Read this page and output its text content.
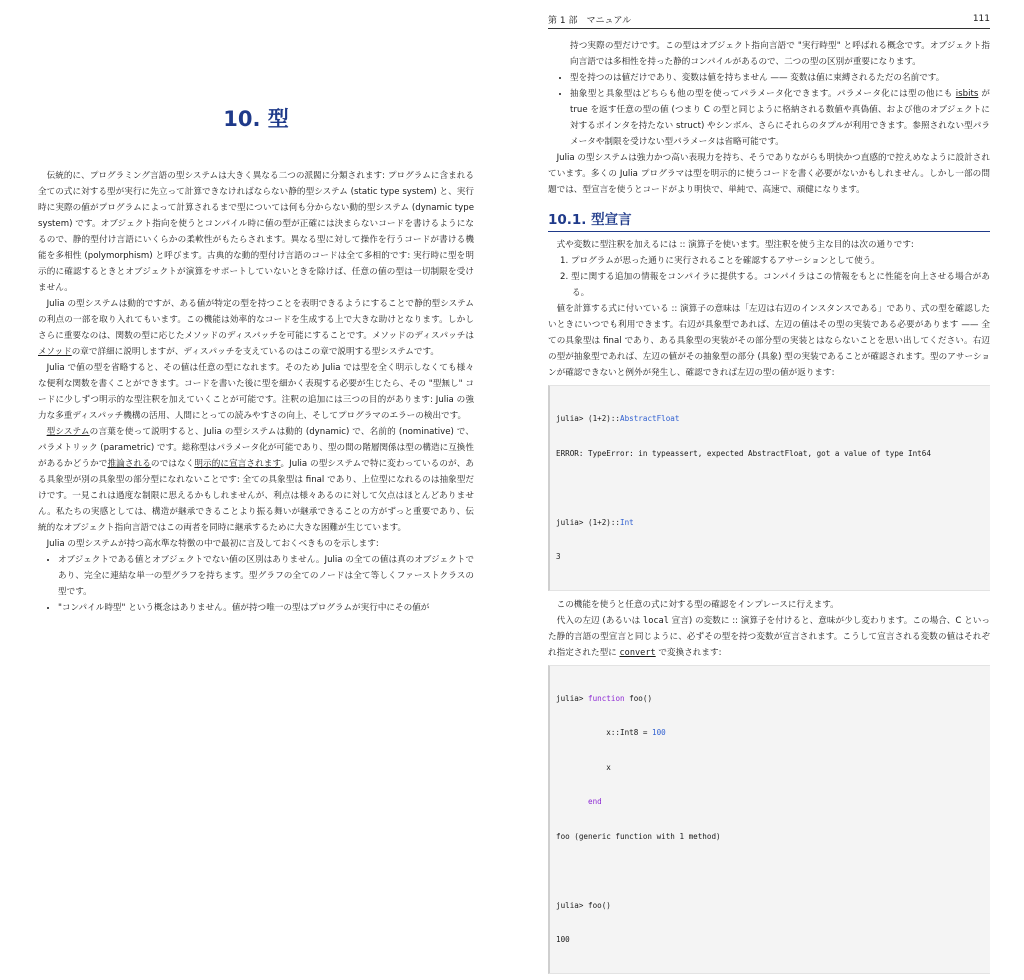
10. 型

伝統的に、プログラミング言語の型システムは大きく異なる二つの派閥に分類されます: プログラムに含まれる全ての式に対する型が実行に先立って計算できなければならない静的型システム (static type system) と、実行時に実際の値がプログラムによって計算されるまで型については何も分からない動的型システム (dynamic type system) です。オブジェクト指向を使うとコンパイル時に値の型が正確には決まらないコードを書けるようになるので、静的型付け言語にいくらかの柔軟性がもたらされます。異なる型に対して操作を行うコードが書ける機能を多相性 (polymorphism) と呼びます。古典的な動的型付け言語のコードは全て多相的です: 実行時に型を明示的に確認するときとオブジェクトが演算をサポートしていないときを除けば、任意の値の型は一切制限を受けません。

Julia の型システムは動的ですが、ある値が特定の型を持つことを表明できるようにすることで静的型システムの利点の一部を取り入れてもいます。この機能は効率的なコードを生成する上で大きな助けとなります。しかしさらに重要なのは、関数の型に応じたメソッドのディスパッチを可能にすることです。メソッドのディスパッチはメソッドの章で詳細に説明しますが、ディスパッチを支えているのはこの章で説明する型システムです。

Julia で値の型を省略すると、その値は任意の型になれます。そのため Julia では型を全く明示しなくても様々な便利な関数を書くことができます。コードを書いた後に型を細かく表現する必要が生じたら、その "型無し" コードに少しずつ明示的な型注釈を加えていくことが可能です。注釈の追加には三つの目的があります: Julia の強力な多重ディスパッチ機構の活用、人間にとっての読みやすさの向上、そしてプログラマのエラーの検出です。

型システムの言葉を使って説明すると、Julia の型システムは動的 (dynamic) で、名前的 (nominative) で、パラメトリック (parametric) です。総称型はパラメータ化が可能であり、型の間の階層関係は型の構造に互換性があるかどうかで推論されるのではなく明示的に宣言されます。Julia の型システムで特に変わっているのが、ある具象型が別の具象型の部分型になれないことです: 全ての具象型は final であり、上位型になれるのは抽象型だけです。一見これは過度な制限に思えるかもしれませんが、利点は様々あるのに対して欠点はほとんどありません。私たちの実感としては、構造が継承できることより振る舞いが継承できることの方がずっと重要であり、伝統的なオブジェクト指向言語ではこの両者を同時に継承するために大きな困難が生じています。

Julia の型システムが持つ高水準な特徴の中で最初に言及しておくべきものを示します:

• オブジェクトである値とオブジェクトでない値の区別はありません。Julia の全ての値は真のオブジェクトであり、完全に連結な単一の型グラフを持ちます。型グラフの全てのノードは全て等しくファーストクラスの型です。
• "コンパイル時型" という概念はありません。値が持つ唯一の型はプログラムが実行中にその値が
第 1 部　マニュアル	111
持つ実際の型だけです。この型はオブジェクト指向言語で "実行時型" と呼ばれる概念です。オブジェクト指向言語では多相性を持った静的コンパイルがあるので、二つの型の区別が重要になります。
• 型を持つのは値だけであり、変数は値を持ちません —— 変数は値に束縛されるただの名前です。
• 抽象型と具象型はどちらも他の型を使ってパラメータ化できます。パラメータ化には型の他にも isbits が true を返す任意の型の値 (つまり C の型と同じように格納される数値や真偽値、および他のオブジェクトに対するポインタを持たない struct) やシンボル、さらにそれらのタプルが利用できます。参照されない型パラメータや制限を受けない型パラメータは省略可能です。

Julia の型システムは強力かつ高い表現力を持ち、そうでありながらも明快かつ直感的で控えめなように設計されています。多くの Julia プログラマは型を明示的に使うコードを書く必要がないかもしれません。しかし一部の問題では、型宣言を使うとコードがより明快で、単純で、高速で、頑健になります。

10.1. 型宣言

式や変数に型注釈を加えるには :: 演算子を使います。型注釈を使う主な目的は次の通りです:

1. プログラムが思った通りに実行されることを確認するアサーションとして使う。
2. 型に関する追加の情報をコンパイラに提供する。コンパイラはこの情報をもとに性能を向上させる場合がある。

値を計算する式に付いている :: 演算子の意味は「左辺は右辺のインスタンスである」であり、式の型を確認したいときにいつでも利用できます。右辺が具象型であれば、左辺の値はその型の実装である必要があります —— 全ての具象型は final であり、ある具象型の実装がその部分型の実装とはならないことを思い出してください。右辺の型が抽象型であれば、左辺の値がその抽象型の部分 (具象) 型の実装であることが確認されます。型のアサーションが確認できないと例外が発生し、確認できれば左辺の型の値が返ります:

julia> (1+2)::AbstractFloat

ERROR: TypeError: in typeassert, expected AbstractFloat, got a value of type Int64

julia> (1+2)::Int

3

この機能を使うと任意の式に対する型の確認をインプレースに行えます。

代入の左辺 (あるいは local 宣言) の変数に :: 演算子を付けると、意味が少し変わります。この場合、C といった静的言語の型宣言と同じように、必ずその型を持つ変数が宣言されます。こうして宣言される変数の値はそれぞれ指定された型に convert で変換されます:

julia> function foo()

x::Int8 = 100

x

end

foo (generic function with 1 method)

julia> foo()

100
